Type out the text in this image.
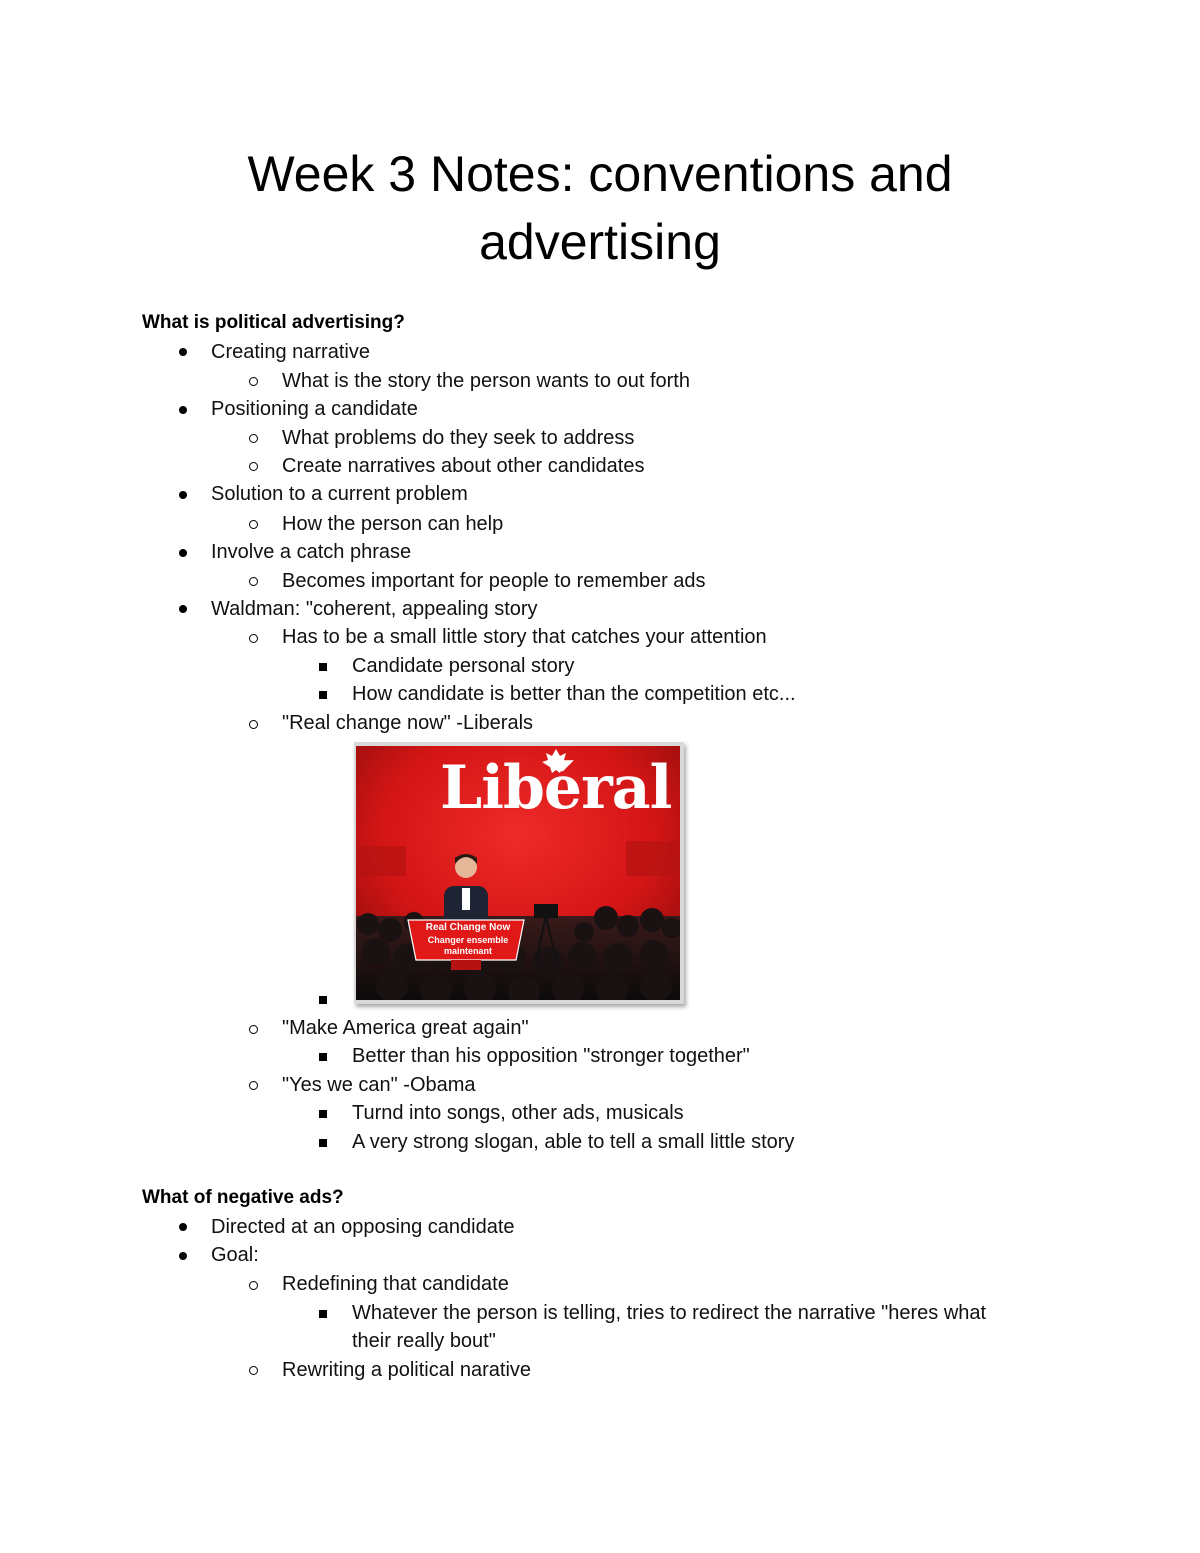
Week 3 Notes: conventions and
advertising
What is political advertising?
Creating narrative
What is the story the person wants to out forth
Positioning a candidate
What problems do they seek to address
Create narratives about other candidates
Solution to a current problem
How the person can help
Involve a catch phrase
Becomes important for people to remember ads
Waldman: "coherent, appealing story
Has to be a small little story that catches your attention
Candidate personal story
How candidate is better than the competition etc...
"Real change now" -Liberals
Libéral
Real Change Now
Changer ensemble
maintenant
"Make America great again"
Better than his opposition "stronger together"
"Yes we can" -Obama
Turnd into songs, other ads, musicals
A very strong slogan, able to tell a small little story
What of negative ads?
Directed at an opposing candidate
Goal:
Redefining that candidate
Whatever the person is telling, tries to redirect the narrative "heres what
their really bout"
Rewriting a political narative
